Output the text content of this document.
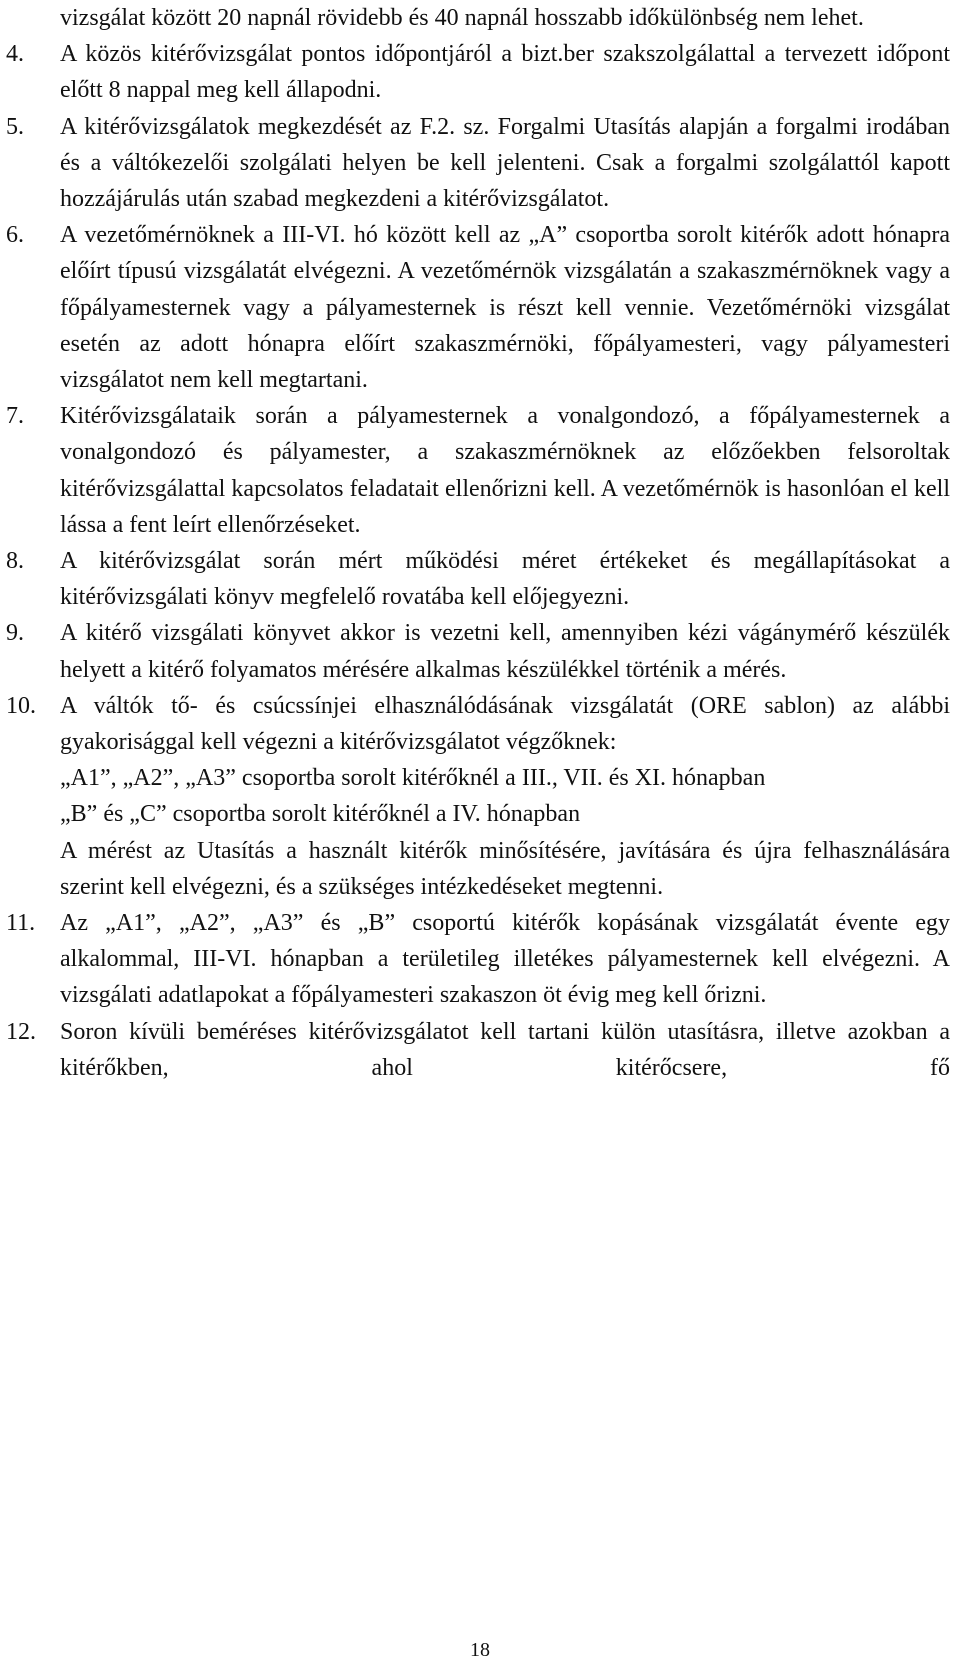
vizsgálat között 20 napnál rövidebb és 40 napnál hosszabb időkülönbség nem lehet.

4. A közös kitérővizsgálat pontos időpontjáról a bizt.ber szakszolgálattal a tervezett időpont előtt 8 nappal meg kell állapodni.

5. A kitérővizsgálatok megkezdését az F.2. sz. Forgalmi Utasítás alapján a forgalmi irodában és a váltókezelői szolgálati helyen be kell jelenteni. Csak a forgalmi szolgálattól kapott hozzájárulás után szabad megkezdeni a kitérővizsgálatot.

6. A vezetőmérnöknek a III-VI. hó között kell az „A” csoportba sorolt kitérők adott hónapra előírt típusú vizsgálatát elvégezni. A vezetőmérnök vizsgálatán a szakaszmérnöknek vagy a főpályamesternek vagy a pályamesternek is részt kell vennie. Vezetőmérnöki vizsgálat esetén az adott hónapra előírt szakaszmérnöki, főpályamesteri, vagy pályamesteri vizsgálatot nem kell megtartani.

7. Kitérővizsgálataik során a pályamesternek a vonalgondozó, a főpályamesternek a vonalgondozó és pályamester, a szakaszmérnöknek az előzőekben felsoroltak kitérővizsgálattal kapcsolatos feladatait ellenőrizni kell. A vezetőmérnök is hasonlóan el kell lássa a fent leírt ellenőrzéseket.

8. A kitérővizsgálat során mért működési méret értékeket és megállapításokat a kitérővizsgálati könyv megfelelő rovatába kell előjegyezni.

9. A kitérő vizsgálati könyvet akkor is vezetni kell, amennyiben kézi vágánymérő készülék helyett a kitérő folyamatos mérésére alkalmas készülékkel történik a mérés.

10. A váltók tő- és csúcssínjei elhasználódásának vizsgálatát (ORE sablon) az alábbi gyakorisággal kell végezni a kitérővizsgálatot végzőknek:

„A1”, „A2”, „A3” csoportba sorolt kitérőknél a III., VII. és XI. hónapban

„B” és „C” csoportba sorolt kitérőknél a IV. hónapban

A mérést az Utasítás a használt kitérők minősítésére, javítására és újra felhasználására szerint kell elvégezni, és a szükséges intézkedéseket megtenni.

11. Az „A1”, „A2”, „A3” és „B” csoportú kitérők kopásának vizsgálatát évente egy alkalommal, III-VI. hónapban a területileg illetékes pályamesternek kell elvégezni. A vizsgálati adatlapokat a főpályamesteri szakaszon öt évig meg kell őrizni.

12. Soron kívüli beméréses kitérővizsgálatot kell tartani külön utasításra, illetve azokban a kitérőkben, ahol kitérőcsere, fő

18
